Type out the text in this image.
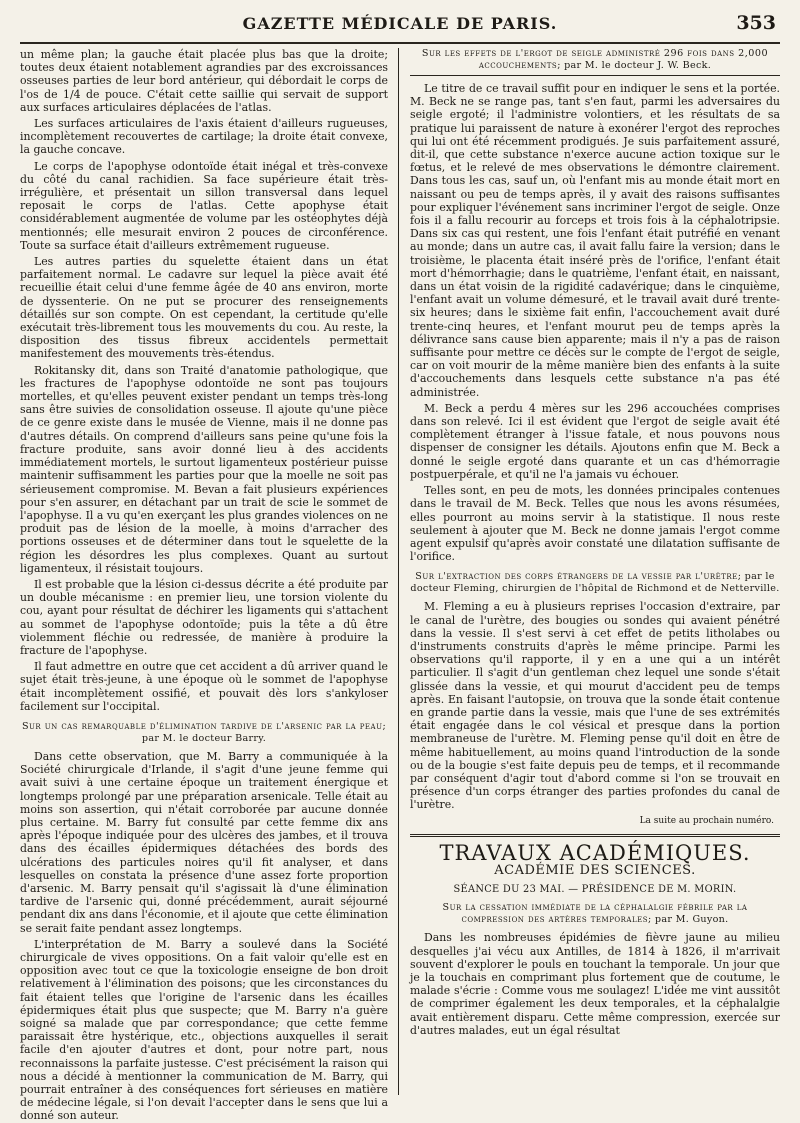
GAZETTE MÉDICALE DE PARIS.	353

un même plan; la gauche était placée plus bas que la droite; toutes deux étaient notablement agrandies par des excroissances osseuses parties de leur bord antérieur, qui débordait le corps de l'os de 1/4 de pouce. C'était cette saillie qui servait de support aux surfaces articulaires déplacées de l'atlas.

Les surfaces articulaires de l'axis étaient d'ailleurs rugueuses, incomplètement recouvertes de cartilage; la droite était convexe, la gauche concave.

Le corps de l'apophyse odontoïde était inégal et très-convexe du côté du canal rachidien. Sa face supérieure était très-irrégulière, et présentait un sillon transversal dans lequel reposait le corps de l'atlas. Cette apophyse était considérablement augmentée de volume par les ostéophytes déjà mentionnés; elle mesurait environ 2 pouces de circonférence. Toute sa surface était d'ailleurs extrêmement rugueuse.

Les autres parties du squelette étaient dans un état parfaitement normal. Le cadavre sur lequel la pièce avait été recueillie était celui d'une femme âgée de 40 ans environ, morte de dyssenterie. On ne put se procurer des renseignements détaillés sur son compte. On est cependant, la certitude qu'elle exécutait très-librement tous les mouvements du cou. Au reste, la disposition des tissus fibreux accidentels permettait manifestement des mouvements très-étendus.

Rokitansky dit, dans son Traité d'anatomie pathologique, que les fractures de l'apophyse odontoïde ne sont pas toujours mortelles, et qu'elles peuvent exister pendant un temps très-long sans être suivies de consolidation osseuse. Il ajoute qu'une pièce de ce genre existe dans le musée de Vienne, mais il ne donne pas d'autres détails. On comprend d'ailleurs sans peine qu'une fois la fracture produite, sans avoir donné lieu à des accidents immédiatement mortels, le surtout ligamenteux postérieur puisse maintenir suffisamment les parties pour que la moelle ne soit pas sérieusement compromise. M. Bevan a fait plusieurs expériences pour s'en assurer, en détachant par un trait de scie le sommet de l'apophyse. Il a vu qu'en exerçant les plus grandes violences on ne produit pas de lésion de la moelle, à moins d'arracher des portions osseuses et de déterminer dans tout le squelette de la région les désordres les plus complexes. Quant au surtout ligamenteux, il résistait toujours.

Il est probable que la lésion ci-dessus décrite a été produite par un double mécanisme : en premier lieu, une torsion violente du cou, ayant pour résultat de déchirer les ligaments qui s'attachent au sommet de l'apophyse odontoïde; puis la tête a dû être violemment fléchie ou redressée, de manière à produire la fracture de l'apophyse.

Il faut admettre en outre que cet accident a dû arriver quand le sujet était très-jeune, à une époque où le sommet de l'apophyse était incomplètement ossifié, et pouvait dès lors s'ankyloser facilement sur l'occipital.

Sur un cas remarquable d'élimination tardive de l'arsenic par la peau; par M. le docteur Barry.

Dans cette observation, que M. Barry a communiquée à la Société chirurgicale d'Irlande, il s'agit d'une jeune femme qui avait suivi à une certaine époque un traitement énergique et longtemps prolongé par une préparation arsenicale. Telle était au moins son assertion, qui n'était corroborée par aucune donnée plus certaine. M. Barry fut consulté par cette femme dix ans après l'époque indiquée pour des ulcères des jambes, et il trouva dans des écailles épidermiques détachées des bords des ulcérations des particules noires qu'il fit analyser, et dans lesquelles on constata la présence d'une assez forte proportion d'arsenic. M. Barry pensait qu'il s'agissait là d'une élimination tardive de l'arsenic qui, donné précédemment, aurait séjourné pendant dix ans dans l'économie, et il ajoute que cette élimination se serait faite pendant assez longtemps.

L'interprétation de M. Barry a soulevé dans la Société chirurgicale de vives oppositions. On a fait valoir qu'elle est en opposition avec tout ce que la toxicologie enseigne de bon droit relativement à l'élimination des poisons; que les circonstances du fait étaient telles que l'origine de l'arsenic dans les écailles épidermiques était plus que suspecte; que M. Barry n'a guère soigné sa malade que par correspondance; que cette femme paraissait être hystérique, etc., objections auxquelles il serait facile d'en ajouter d'autres et dont, pour notre part, nous reconnaissons la parfaite justesse. C'est précisément la raison qui nous a décidé à mentionner la communication de M. Barry, qui pourrait entraîner à des conséquences fort sérieuses en matière de médecine légale, si l'on devait l'accepter dans le sens que lui a donné son auteur.

Sur les effets de l'ergot de seigle administré 296 fois dans 2,000 accouchements; par M. le docteur J. W. Beck.

Le titre de ce travail suffit pour en indiquer le sens et la portée. M. Beck ne se range pas, tant s'en faut, parmi les adversaires du seigle ergoté; il l'administre volontiers, et les résultats de sa pratique lui paraissent de nature à exonérer l'ergot des reproches qui lui ont été récemment prodigués. Je suis parfaitement assuré, dit-il, que cette substance n'exerce aucune action toxique sur le fœtus, et le relevé de mes observations le démontre clairement. Dans tous les cas, sauf un, où l'enfant mis au monde était mort en naissant ou peu de temps après, il y avait des raisons suffisantes pour expliquer l'événement sans incriminer l'ergot de seigle. Onze fois il a fallu recourir au forceps et trois fois à la céphalotripsie. Dans six cas qui restent, une fois l'enfant était putréfié en venant au monde; dans un autre cas, il avait fallu faire la version; dans le troisième, le placenta était inséré près de l'orifice, l'enfant était mort d'hémorrhagie; dans le quatrième, l'enfant était, en naissant, dans un état voisin de la rigidité cadavérique; dans le cinquième, l'enfant avait un volume démesuré, et le travail avait duré trente-six heures; dans le sixième fait enfin, l'accouchement avait duré trente-cinq heures, et l'enfant mourut peu de temps après la délivrance sans cause bien apparente; mais il n'y a pas de raison suffisante pour mettre ce décès sur le compte de l'ergot de seigle, car on voit mourir de la même manière bien des enfants à la suite d'accouchements dans lesquels cette substance n'a pas été administrée.

M. Beck a perdu 4 mères sur les 296 accouchées comprises dans son relevé. Ici il est évident que l'ergot de seigle avait été complètement étranger à l'issue fatale, et nous pouvons nous dispenser de consigner les détails. Ajoutons enfin que M. Beck a donné le seigle ergoté dans quarante et un cas d'hémorragie postpuerpérale, et qu'il ne l'a jamais vu échouer.

Telles sont, en peu de mots, les données principales contenues dans le travail de M. Beck. Telles que nous les avons résumées, elles pourront au moins servir à la statistique. Il nous reste seulement à ajouter que M. Beck ne donne jamais l'ergot comme agent expulsif qu'après avoir constaté une dilatation suffisante de l'orifice.

Sur l'extraction des corps étrangers de la vessie par l'urètre; par le docteur Fleming, chirurgien de l'hôpital de Richmond et de Netterville.

M. Fleming a eu à plusieurs reprises l'occasion d'extraire, par le canal de l'urètre, des bougies ou sondes qui avaient pénétré dans la vessie. Il s'est servi à cet effet de petits litholabes ou d'instruments construits d'après le même principe. Parmi les observations qu'il rapporte, il y en a une qui a un intérêt particulier. Il s'agit d'un gentleman chez lequel une sonde s'était glissée dans la vessie, et qui mourut d'accident peu de temps après. En faisant l'autopsie, on trouva que la sonde était contenue en grande partie dans la vessie, mais que l'une de ses extrémités était engagée dans le col vésical et presque dans la portion membraneuse de l'urètre. M. Fleming pense qu'il doit en être de même habituellement, au moins quand l'introduction de la sonde ou de la bougie s'est faite depuis peu de temps, et il recommande par conséquent d'agir tout d'abord comme si l'on se trouvait en présence d'un corps étranger des parties profondes du canal de l'urètre.

La suite au prochain numéro.
TRAVAUX ACADÉMIQUES.
ACADÉMIE DES SCIENCES.
SÉANCE DU 23 MAI. — PRÉSIDENCE DE M. MORIN.
Sur la cessation immédiate de la céphalalgie fébrile par la compression des artères temporales; par M. Guyon.

Dans les nombreuses épidémies de fièvre jaune au milieu desquelles j'ai vécu aux Antilles, de 1814 à 1826, il m'arrivait souvent d'explorer le pouls en touchant la temporale. Un jour que je la touchais en comprimant plus fortement que de coutume, le malade s'écrie : Comme vous me soulagez! L'idée me vint aussitôt de comprimer également les deux temporales, et la céphalalgie avait entièrement disparu. Cette même compression, exercée sur d'autres malades, eut un égal résultat
